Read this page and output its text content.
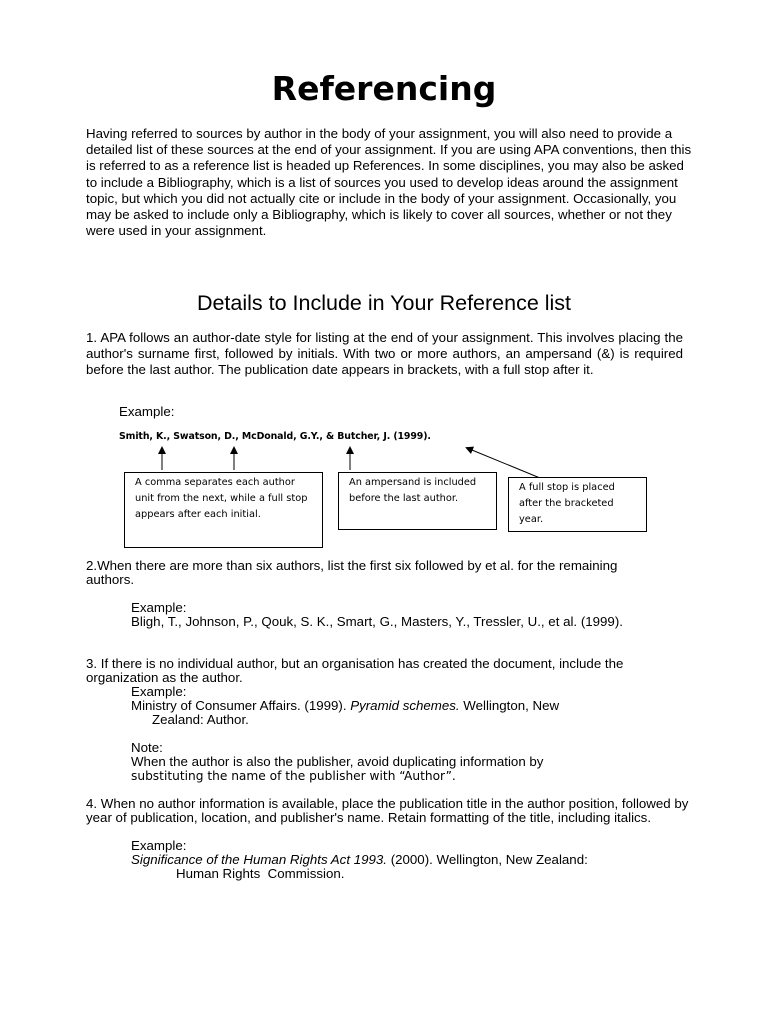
Referencing

Having referred to sources by author in the body of your assignment, you will also need to provide a detailed list of these sources at the end of your assignment. If you are using APA conventions, then this is referred to as a reference list is headed up References. In some disciplines, you may also be asked to include a Bibliography, which is a list of sources you used to develop ideas around the assignment topic, but which you did not actually cite or include in the body of your assignment. Occasionally, you may be asked to include only a Bibliography, which is likely to cover all sources, whether or not they were used in your assignment.

Details to Include in Your Reference list

1. APA follows an author-date style for listing at the end of your assignment. This involves placing the author's surname first, followed by initials. With two or more authors, an ampersand (&) is required before the last author. The publication date appears in brackets, with a full stop after it.

Example:
Smith, K., Swatson, D., McDonald, G.Y., & Butcher, J. (1999).
A comma separates each author unit from the next, while a full stop appears after each initial.
An ampersand is included before the last author.
A full stop is placed after the bracketed year.

2.When there are more than six authors, list the first six followed by et al. for the remaining authors.

Example:

Bligh, T., Johnson, P., Qouk, S. K., Smart, G., Masters, Y., Tressler, U., et al. (1999).

3. If there is no individual author, but an organisation has created the document, include the organization as the author.

Example:
Ministry of Consumer Affairs. (1999). Pyramid schemes. Wellington, New
Zealand: Author.
Note:
When the author is also the publisher, avoid duplicating information by
substituting the name of the publisher with “Author”.

4. When no author information is available, place the publication title in the author position, followed by year of publication, location, and publisher's name. Retain formatting of the title, including italics.

Example:
Significance of the Human Rights Act 1993. (2000). Wellington, New Zealand:
Human Rights  Commission.
